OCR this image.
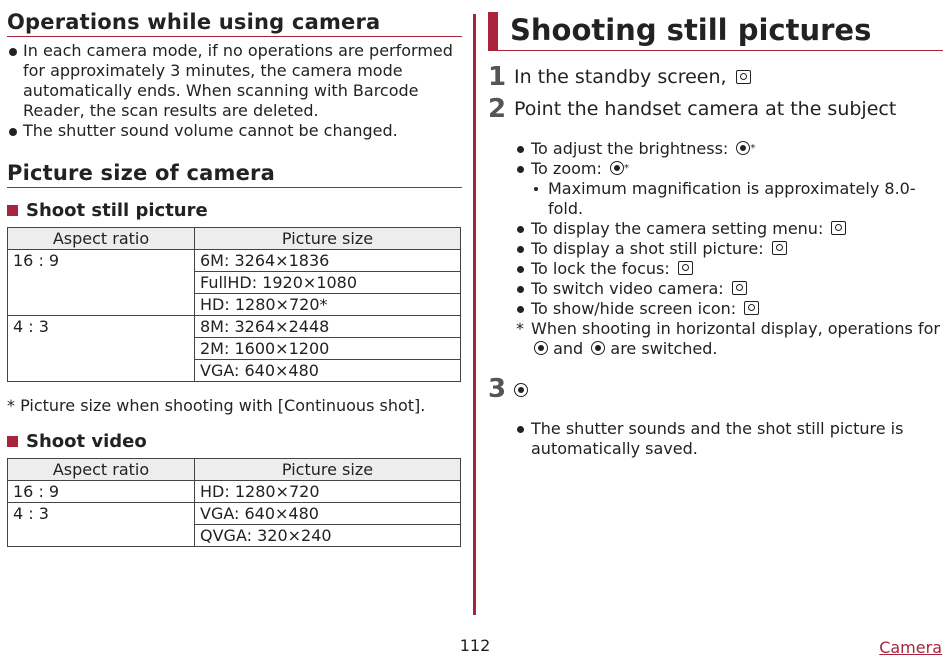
Operations while using camera
In each camera mode, if no operations are performed for approximately 3 minutes, the camera mode automatically ends. When scanning with Barcode Reader, the scan results are deleted.
The shutter sound volume cannot be changed.
Picture size of camera
Shoot still picture
Aspect ratio	Picture size
16 : 9	6M: 3264×1836
	FullHD: 1920×1080
	HD: 1280×720*
4 : 3	8M: 3264×2448
	2M: 1600×1200
	VGA: 640×480
* Picture size when shooting with [Continuous shot].
Shoot video
Aspect ratio	Picture size
16 : 9	HD: 1280×720
4 : 3	VGA: 640×480
	QVGA: 320×240
Shooting still pictures
1 In the standby screen,
2 Point the handset camera at the subject
To adjust the brightness: *
To zoom: *
Maximum magnification is approximately 8.0-fold.
To display the camera setting menu:
To display a shot still picture:
To lock the focus:
To switch video camera:
To show/hide screen icon:
* When shooting in horizontal display, operations for
and are switched.
3
The shutter sounds and the shot still picture is automatically saved.
112	Camera
